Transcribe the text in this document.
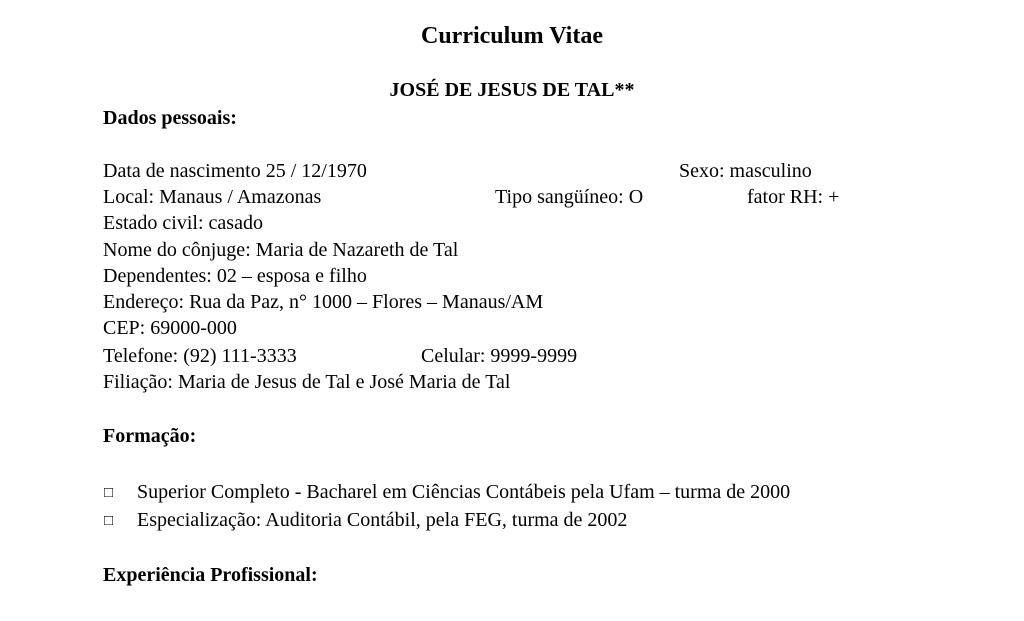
Curriculum Vitae
JOSÉ DE JESUS DE TAL**
Dados pessoais:
Data de nascimento 25 / 12/1970	Sexo: masculino
Local: Manaus / Amazonas	Tipo sangüíneo: O	fator RH: +
Estado civil: casado
Nome do cônjuge: Maria de Nazareth de Tal
Dependentes: 02 – esposa e filho
Endereço: Rua da Paz, n° 1000 – Flores – Manaus/AM
CEP: 69000-000
Telefone: (92) 111-3333	Celular: 9999-9999
Filiação: Maria de Jesus de Tal e José Maria de Tal
Formação:
□ Superior Completo - Bacharel em Ciências Contábeis pela Ufam – turma de 2000
□ Especialização: Auditoria Contábil, pela FEG, turma de 2002
Experiência Profissional:
